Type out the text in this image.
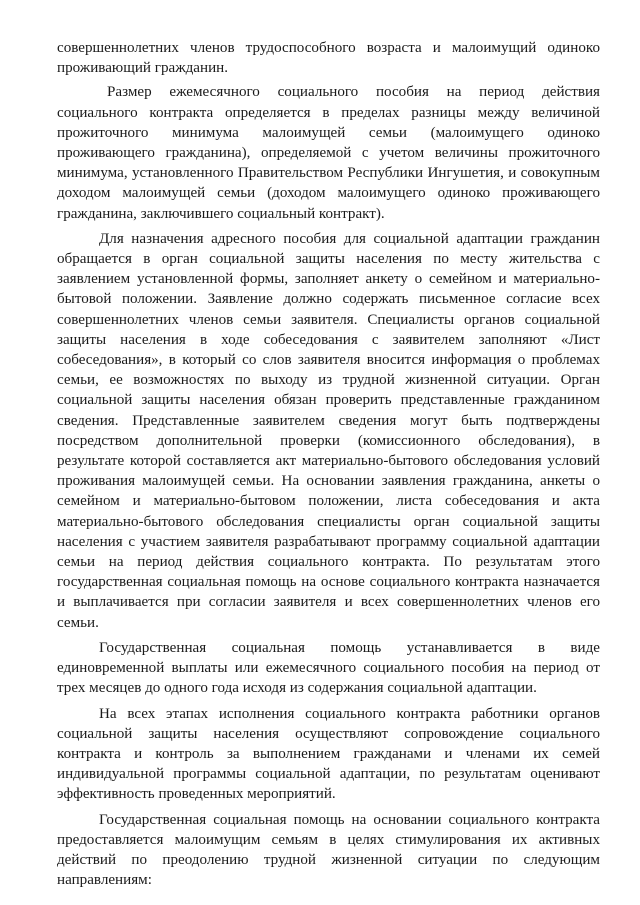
совершеннолетних членов трудоспособного возраста и малоимущий одиноко проживающий гражданин.

Размер ежемесячного социального пособия на период действия социального контракта определяется в пределах разницы между величиной прожиточного минимума малоимущей семьи (малоимущего одиноко проживающего гражданина), определяемой с учетом величины прожиточного минимума, установленного Правительством Республики Ингушетия, и совокупным доходом малоимущей семьи (доходом малоимущего одиноко проживающего гражданина, заключившего социальный контракт).

Для назначения адресного пособия для социальной адаптации гражданин обращается в орган социальной защиты населения по месту жительства с заявлением установленной формы, заполняет анкету о семейном и материально-бытовой положении. Заявление должно содержать письменное согласие всех совершеннолетних членов семьи заявителя. Специалисты органов социальной защиты населения в ходе собеседования с заявителем заполняют «Лист собеседования», в который со слов заявителя вносится информация о проблемах семьи, ее возможностях по выходу из трудной жизненной ситуации. Орган социальной защиты населения обязан проверить представленные гражданином сведения. Представленные заявителем сведения могут быть подтверждены посредством дополнительной проверки (комиссионного обследования), в результате которой составляется акт материально-бытового обследования условий проживания малоимущей семьи. На основании заявления гражданина, анкеты о семейном и материально-бытовом положении, листа собеседования и акта материально-бытового обследования специалисты орган социальной защиты населения с участием заявителя разрабатывают программу социальной адаптации семьи на период действия социального контракта. По результатам этого государственная социальная помощь на основе социального контракта назначается и выплачивается при согласии заявителя и всех совершеннолетних членов его семьи.

Государственная социальная помощь устанавливается в виде единовременной выплаты или ежемесячного социального пособия на период от трех месяцев до одного года исходя из содержания социальной адаптации.

На всех этапах исполнения социального контракта работники органов социальной защиты населения осуществляют сопровождение социального контракта и контроль за выполнением гражданами и членами их семей индивидуальной программы социальной адаптации, по результатам оценивают эффективность проведенных мероприятий.

Государственная социальная помощь на основании социального контракта предоставляется малоимущим семьям в целях стимулирования их активных действий по преодолению трудной жизненной ситуации по следующим направлениям:
